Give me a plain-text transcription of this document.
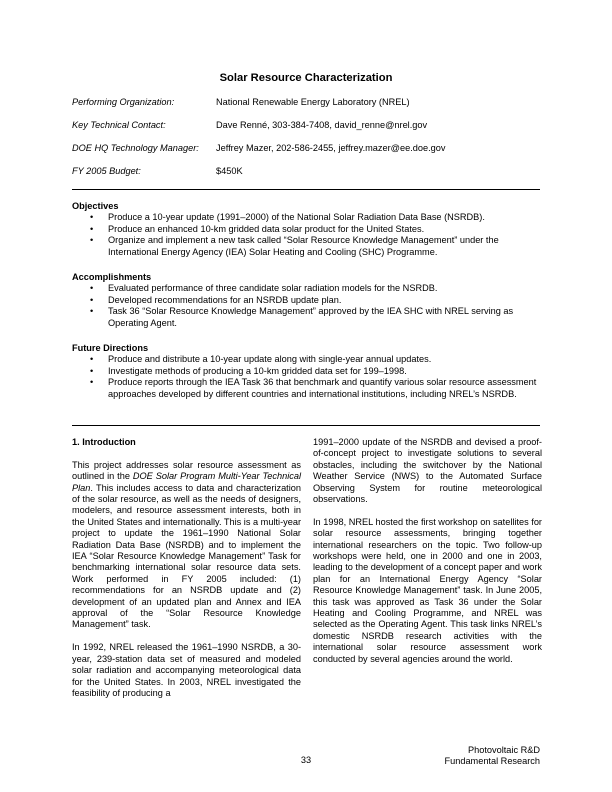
Solar Resource Characterization
Performing Organization:	National Renewable Energy Laboratory (NREL)
Key Technical Contact:	Dave Renné, 303-384-7408, david_renne@nrel.gov
DOE HQ Technology Manager: Jeffrey Mazer, 202-586-2455, jeffrey.mazer@ee.doe.gov
FY 2005 Budget:	$450K
Objectives
• Produce a 10-year update (1991–2000) of the National Solar Radiation Data Base (NSRDB).
• Produce an enhanced 10-km gridded data solar product for the United States.
• Organize and implement a new task called “Solar Resource Knowledge Management” under the International Energy Agency (IEA) Solar Heating and Cooling (SHC) Programme.
Accomplishments
• Evaluated performance of three candidate solar radiation models for the NSRDB.
• Developed recommendations for an NSRDB update plan.
• Task 36 “Solar Resource Knowledge Management” approved by the IEA SHC with NREL serving as Operating Agent.
Future Directions
• Produce and distribute a 10-year update along with single-year annual updates.
• Investigate methods of producing a 10-km gridded data set for 199–1998.
• Produce reports through the IEA Task 36 that benchmark and quantify various solar resource assessment approaches developed by different countries and international institutions, including NREL’s NSRDB.
1. Introduction

This project addresses solar resource assessment as outlined in the DOE Solar Program Multi-Year Technical Plan. This includes access to data and characterization of the solar resource, as well as the needs of designers, modelers, and resource assessment interests, both in the United States and internationally. This is a multi-year project to update the 1961–1990 National Solar Radiation Data Base (NSRDB) and to implement the IEA “Solar Resource Knowledge Management” Task for benchmarking international solar resource data sets. Work performed in FY 2005 included: (1) recommendations for an NSRDB update and (2) development of an updated plan and Annex and IEA approval of the “Solar Resource Knowledge Management” task.

In 1992, NREL released the 1961–1990 NSRDB, a 30-year, 239-station data set of measured and modeled solar radiation and accompanying meteorological data for the United States. In 2003, NREL investigated the feasibility of producing a

1991–2000 update of the NSRDB and devised a proof-of-concept project to investigate solutions to several obstacles, including the switchover by the National Weather Service (NWS) to the Automated Surface Observing System for routine meteorological observations.

In 1998, NREL hosted the first workshop on satellites for solar resource assessments, bringing together international researchers on the topic. Two follow-up workshops were held, one in 2000 and one in 2003, leading to the development of a concept paper and work plan for an International Energy Agency “Solar Resource Knowledge Management” task. In June 2005, this task was approved as Task 36 under the Solar Heating and Cooling Programme, and NREL was selected as the Operating Agent. This task links NREL’s domestic NSRDB research activities with the international solar resource assessment work conducted by several agencies around the world.

33
Photovoltaic R&D
Fundamental Research
